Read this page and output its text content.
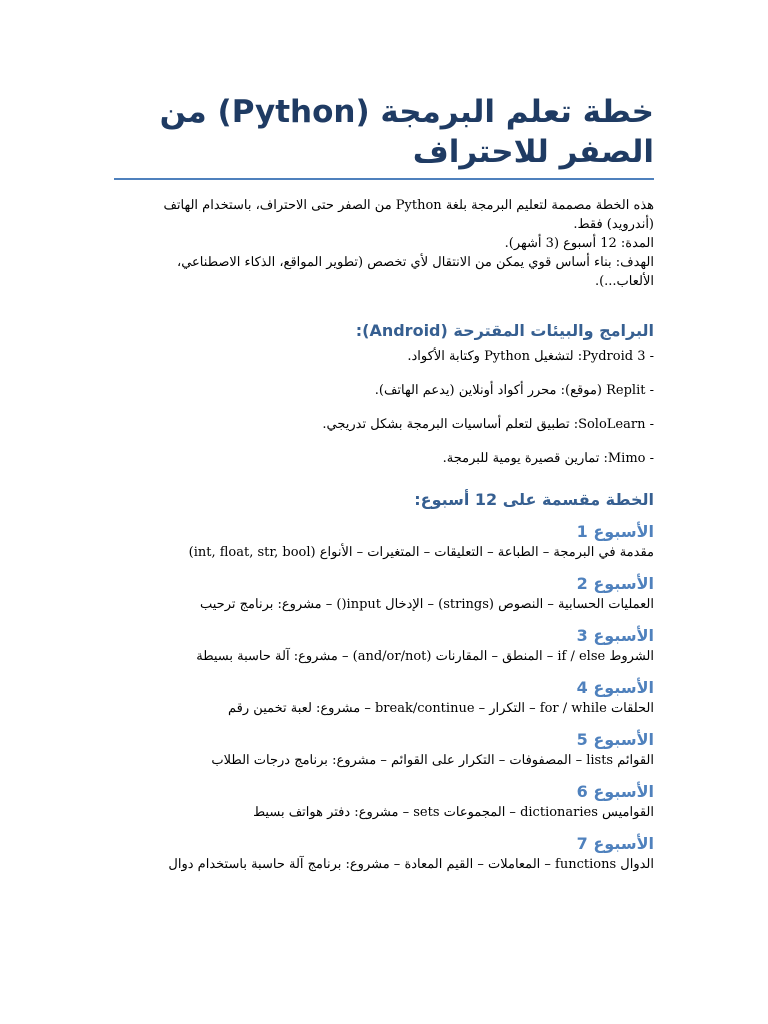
خطة تعلم البرمجة (Python) من الصفر للاحتراف

هذه الخطة مصممة لتعليم البرمجة بلغة Python من الصفر حتى الاحتراف، باستخدام الهاتف (أندرويد) فقط.

المدة: 12 أسبوع (3 أشهر).

الهدف: بناء أساس قوي يمكن من الانتقال لأي تخصص (تطوير المواقع، الذكاء الاصطناعي، الألعاب...).

البرامج والبيئات المقترحة (Android):

- Pydroid 3: لتشغيل Python وكتابة الأكواد.

- Replit (موقع): محرر أكواد أونلاين (يدعم الهاتف).

- SoloLearn: تطبيق لتعلم أساسيات البرمجة بشكل تدريجي.

- Mimo: تمارين قصيرة يومية للبرمجة.

الخطة مقسمة على 12 أسبوع:
الأسبوع 1

مقدمة في البرمجة – الطباعة – التعليقات – المتغيرات – الأنواع (int, float, str, bool)

الأسبوع 2

العمليات الحسابية – النصوص (strings) – الإدخال input() – مشروع: برنامج ترحيب

الأسبوع 3

الشروط if / else – المنطق – المقارنات (and/or/not) – مشروع: آلة حاسبة بسيطة

الأسبوع 4

الحلقات for / while – التكرار – break/continue – مشروع: لعبة تخمين رقم

الأسبوع 5

القوائم lists – المصفوفات – التكرار على القوائم – مشروع: برنامج درجات الطلاب

الأسبوع 6

القواميس dictionaries – المجموعات sets – مشروع: دفتر هواتف بسيط

الأسبوع 7

الدوال functions – المعاملات – القيم المعادة – مشروع: برنامج آلة حاسبة باستخدام دوال
